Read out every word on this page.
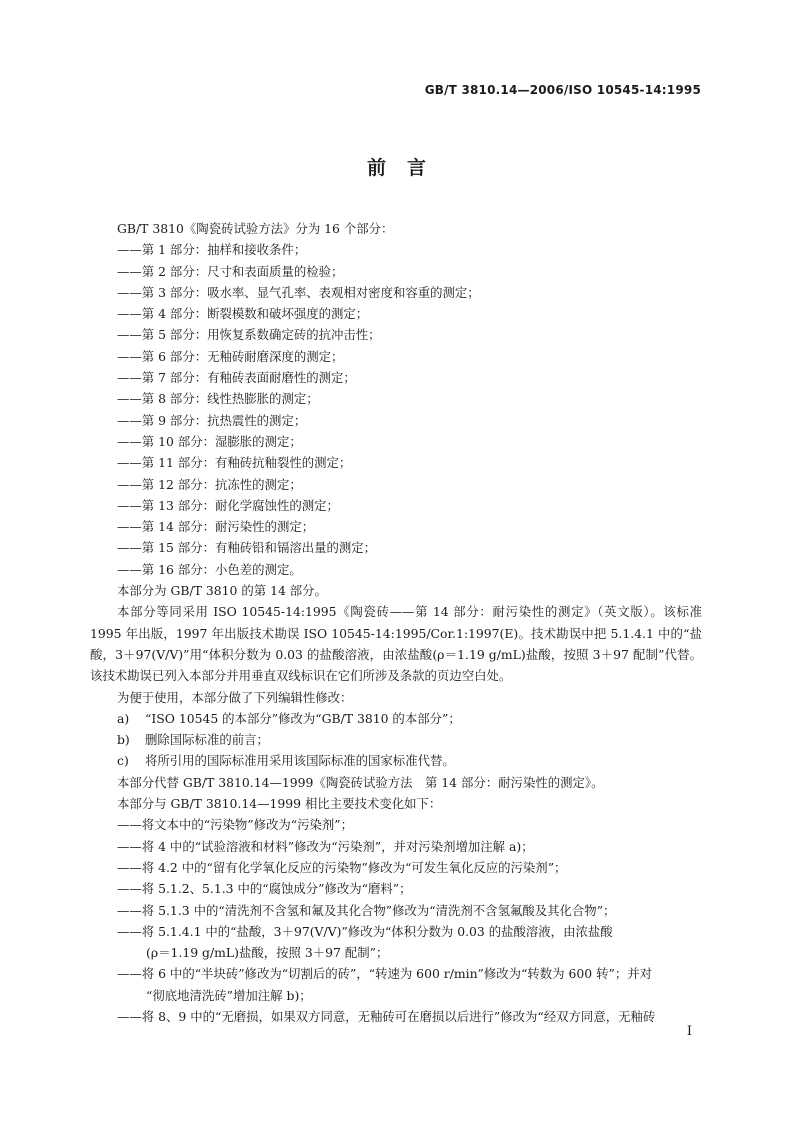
GB/T 3810.14—2006/ISO 10545-14:1995
前　言
GB/T 3810《陶瓷砖试验方法》分为 16 个部分：
——第 1 部分：抽样和接收条件；
——第 2 部分：尺寸和表面质量的检验；
——第 3 部分：吸水率、显气孔率、表观相对密度和容重的测定；
——第 4 部分：断裂模数和破坏强度的测定；
——第 5 部分：用恢复系数确定砖的抗冲击性；
——第 6 部分：无釉砖耐磨深度的测定；
——第 7 部分：有釉砖表面耐磨性的测定；
——第 8 部分：线性热膨胀的测定；
——第 9 部分：抗热震性的测定；
——第 10 部分：湿膨胀的测定；
——第 11 部分：有釉砖抗釉裂性的测定；
——第 12 部分：抗冻性的测定；
——第 13 部分：耐化学腐蚀性的测定；
——第 14 部分：耐污染性的测定；
——第 15 部分：有釉砖铅和镉溶出量的测定；
——第 16 部分：小色差的测定。
本部分为 GB/T 3810 的第 14 部分。
本部分等同采用 ISO 10545-14:1995《陶瓷砖——第 14 部分：耐污染性的测定》（英文版）。该标准 1995 年出版，1997 年出版技术勘误 ISO 10545-14:1995/Cor.1:1997(E)。技术勘误中把 5.1.4.1 中的“盐酸，3＋97(V/V)”用“体积分数为 0.03 的盐酸溶液，由浓盐酸(ρ＝1.19 g/mL)盐酸，按照 3＋97 配制”代替。该技术勘误已列入本部分并用垂直双线标识在它们所涉及条款的页边空白处。
为便于使用，本部分做了下列编辑性修改：
a) “ISO 10545 的本部分”修改为“GB/T 3810 的本部分”；
b) 删除国际标准的前言；
c) 将所引用的国际标准用采用该国际标准的国家标准代替。
本部分代替 GB/T 3810.14—1999《陶瓷砖试验方法　第 14 部分：耐污染性的测定》。
本部分与 GB/T 3810.14—1999 相比主要技术变化如下：
——将文本中的“污染物”修改为“污染剂”；
——将 4 中的“试验溶液和材料”修改为“污染剂”，并对污染剂增加注解 a)；
——将 4.2 中的“留有化学氧化反应的污染物”修改为“可发生氧化反应的污染剂”；
——将 5.1.2、5.1.3 中的“腐蚀成分”修改为“磨料”；
——将 5.1.3 中的“清洗剂不含氢和氟及其化合物”修改为“清洗剂不含氢氟酸及其化合物”；
——将 5.1.4.1 中的“盐酸，3＋97(V/V)”修改为“体积分数为 0.03 的盐酸溶液，由浓盐酸
(ρ＝1.19 g/mL)盐酸，按照 3＋97 配制”；
——将 6 中的“半块砖”修改为“切割后的砖”，“转速为 600 r/min”修改为“转数为 600 转”；并对
“彻底地清洗砖”增加注解 b)；
——将 8、9 中的“无磨损，如果双方同意，无釉砖可在磨损以后进行”修改为“经双方同意，无釉砖
I
